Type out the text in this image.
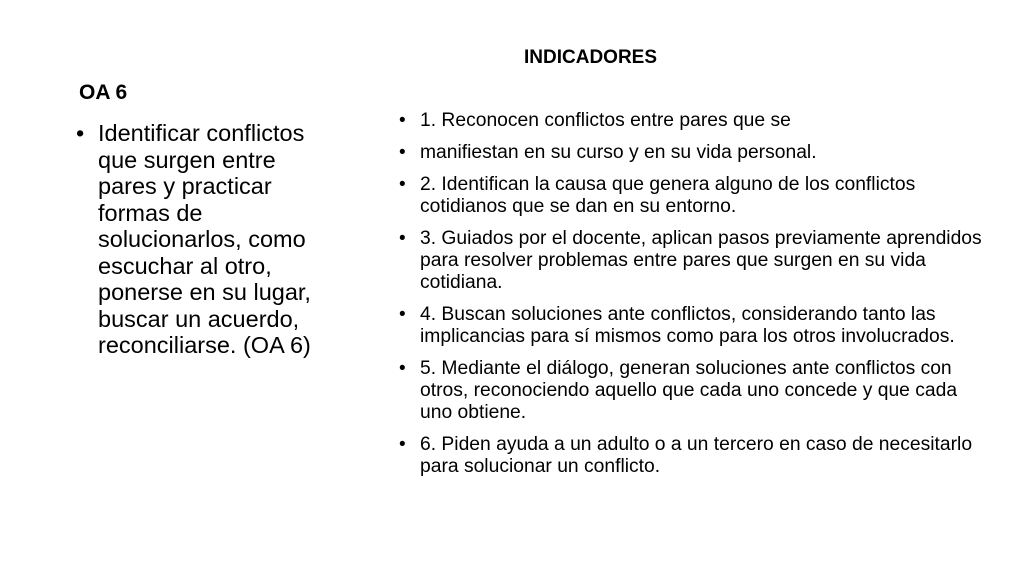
OA 6
• Identificar conflictos que surgen entre pares y practicar formas de solucionarlos, como escuchar al otro, ponerse en su lugar, buscar un acuerdo, reconciliarse. (OA 6)
INDICADORES
• 1. Reconocen conflictos entre pares que se
• manifiestan en su curso y en su vida personal.
• 2. Identifican la causa que genera alguno de los conflictos cotidianos que se dan en su entorno.
• 3. Guiados por el docente, aplican pasos previamente aprendidos para resolver problemas entre pares que surgen en su vida cotidiana.
• 4. Buscan soluciones ante conflictos, considerando tanto las implicancias para sí mismos como para los otros involucrados.
• 5. Mediante el diálogo, generan soluciones ante conflictos con otros, reconociendo aquello que cada uno concede y que cada uno obtiene.
• 6. Piden ayuda a un adulto o a un tercero en caso de necesitarlo para solucionar un conflicto.
